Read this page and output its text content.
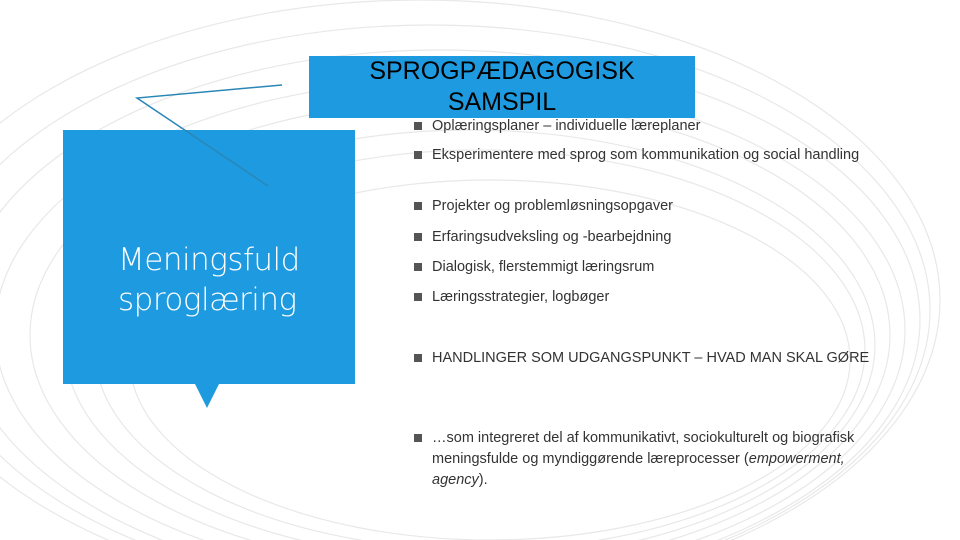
Meningsfuld
sproglæring
SPROGPÆDAGOGISK
SAMSPIL
Oplæringsplaner – individuelle læreplaner
Eksperimentere med sprog som kommunikation og social handling
Projekter og problemløsningsopgaver
Erfaringsudveksling og -bearbejdning
Dialogisk, flerstemmigt læringsrum
Læringsstrategier, logbøger
HANDLINGER SOM UDGANGSPUNKT – HVAD MAN SKAL GØRE
…som integreret del af kommunikativt, sociokulturelt og biografisk meningsfulde og myndiggørende læreprocesser (empowerment, agency).
